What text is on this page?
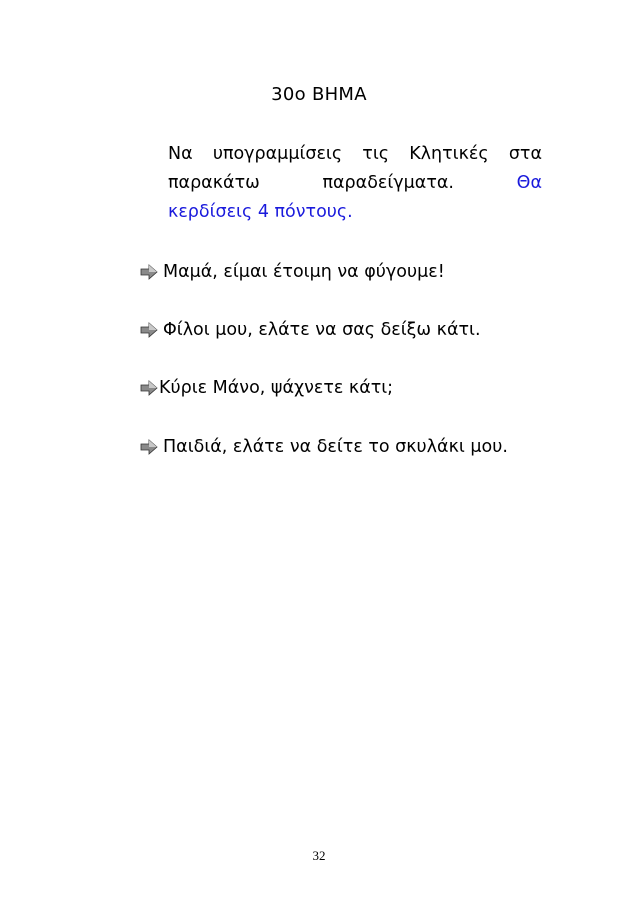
30ο ΒΗΜΑ
Να υπογραμμίσεις τις Κλητικές στα
παρακάτω	παραδείγματα.	Θα
κερδίσεις 4 πόντους.
Μαμά, είμαι έτοιμη να φύγουμε!
Φίλοι μου, ελάτε να σας δείξω κάτι.
Κύριε Μάνο, ψάχνετε κάτι;
Παιδιά, ελάτε να δείτε το σκυλάκι μου.
32
